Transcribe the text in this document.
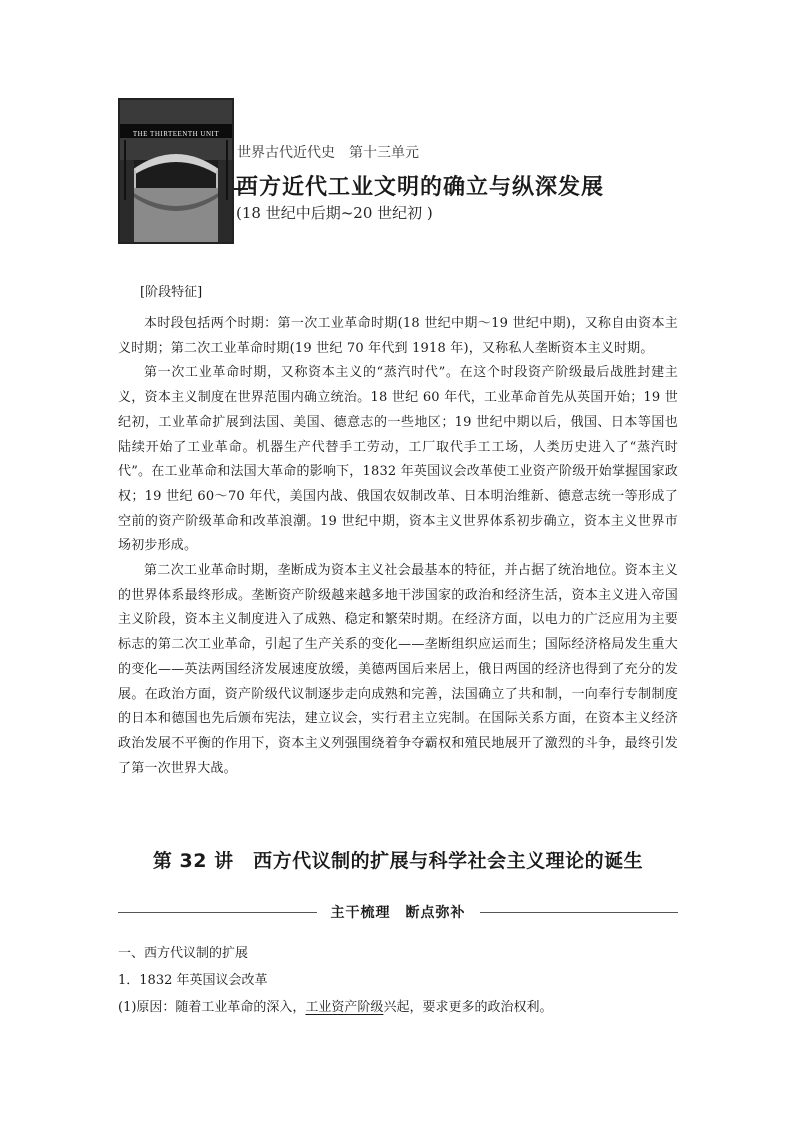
THE THIRTEENTH UNIT
世界古代近代史　第十三单元
西方近代工业文明的确立与纵深发展
(18 世纪中后期~20 世纪初 )
[阶段特征]

本时段包括两个时期：第一次工业革命时期(18 世纪中期～19 世纪中期)，又称自由资本主义时期；第二次工业革命时期(19 世纪 70 年代到 1918 年)，又称私人垄断资本主义时期。

第一次工业革命时期，又称资本主义的“蒸汽时代”。在这个时段资产阶级最后战胜封建主义，资本主义制度在世界范围内确立统治。18 世纪 60 年代，工业革命首先从英国开始；19 世纪初，工业革命扩展到法国、美国、德意志的一些地区；19 世纪中期以后，俄国、日本等国也陆续开始了工业革命。机器生产代替手工劳动，工厂取代手工工场，人类历史进入了“蒸汽时代”。在工业革命和法国大革命的影响下，1832 年英国议会改革使工业资产阶级开始掌握国家政权；19 世纪 60～70 年代，美国内战、俄国农奴制改革、日本明治维新、德意志统一等形成了空前的资产阶级革命和改革浪潮。19 世纪中期，资本主义世界体系初步确立，资本主义世界市场初步形成。

第二次工业革命时期，垄断成为资本主义社会最基本的特征，并占据了统治地位。资本主义的世界体系最终形成。垄断资产阶级越来越多地干涉国家的政治和经济生活，资本主义进入帝国主义阶段，资本主义制度进入了成熟、稳定和繁荣时期。在经济方面，以电力的广泛应用为主要标志的第二次工业革命，引起了生产关系的变化——垄断组织应运而生；国际经济格局发生重大的变化——英法两国经济发展速度放缓，美德两国后来居上，俄日两国的经济也得到了充分的发展。在政治方面，资产阶级代议制逐步走向成熟和完善，法国确立了共和制，一向奉行专制制度的日本和德国也先后颁布宪法，建立议会，实行君主立宪制。在国际关系方面，在资本主义经济政治发展不平衡的作用下，资本主义列强围绕着争夺霸权和殖民地展开了激烈的斗争，最终引发了第一次世界大战。

第 32 讲　西方代议制的扩展与科学社会主义理论的诞生
主干梳理　断点弥补
一、西方代议制的扩展
1．1832 年英国议会改革
(1)原因：随着工业革命的深入，工业资产阶级兴起，要求更多的政治权利。
